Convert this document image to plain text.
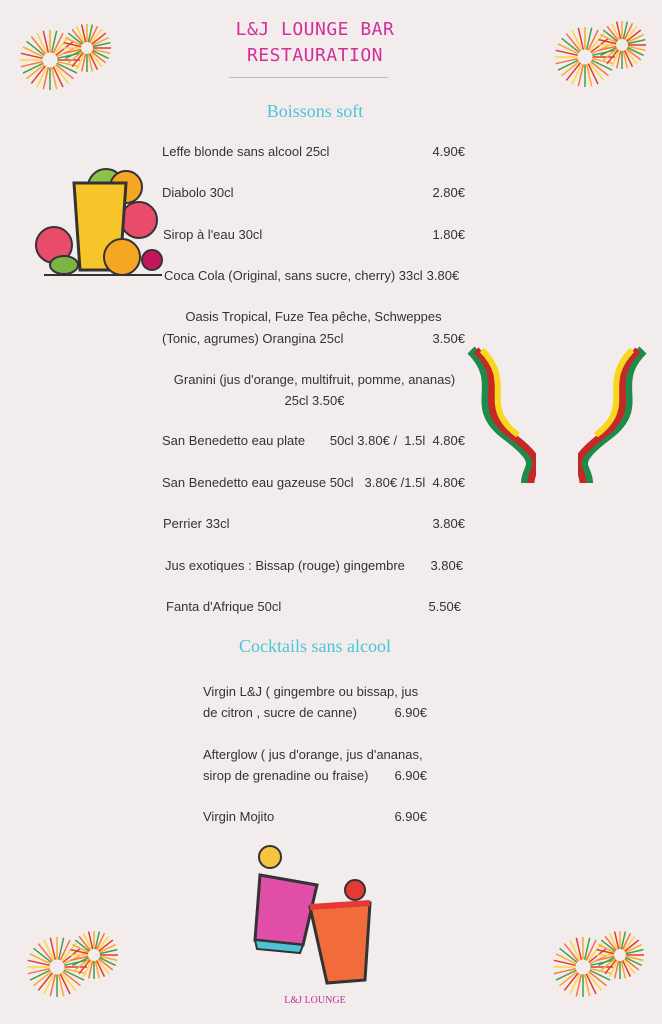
L&J LOUNGE BAR
RESTAURATION
Boissons soft
Leffe blonde sans alcool 25cl	4.90€
Diabolo 30cl	2.80€
Sirop à l'eau 30cl	1.80€
Coca Cola (Original, sans sucre, cherry) 33cl 3.80€
Oasis Tropical, Fuze Tea pêche, Schweppes
(Tonic, agrumes) Orangina 25cl	3.50€
Granini (jus d'orange, multifruit, pomme, ananas)
25cl 3.50€
San Benedetto eau plate 50cl 3.80€ /  1.5l  4.80€
San Benedetto eau gazeuse 50cl 3.80€ /1.5l  4.80€
Perrier 33cl	3.80€
Jus exotiques : Bissap (rouge) gingembre 3.80€
Fanta d'Afrique 50cl	5.50€
Cocktails sans alcool
Virgin L&J ( gingembre ou bissap, jus
de citron , sucre de canne)	6.90€
Afterglow ( jus d'orange, jus d'ananas,
sirop de grenadine ou fraise) 6.90€
Virgin Mojito	6.90€
L&J LOUNGE
